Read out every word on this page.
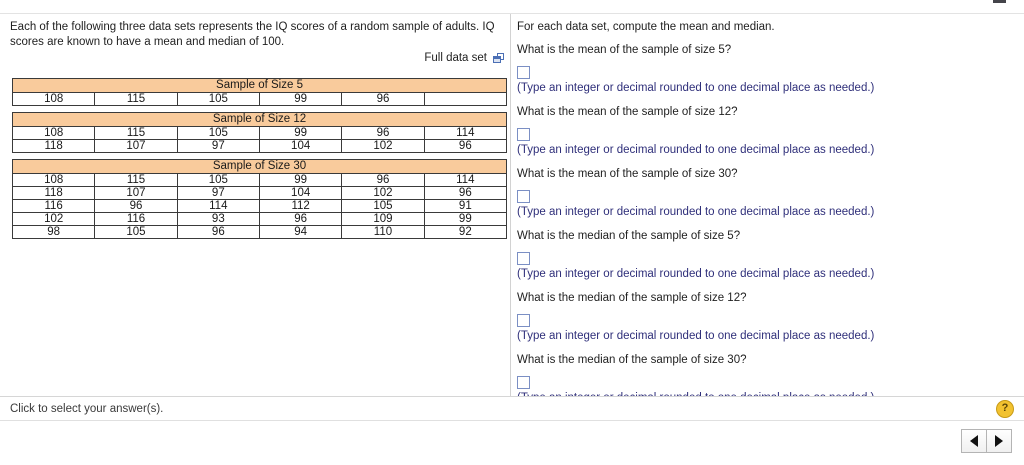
Each of the following three data sets represents the IQ scores of a random sample of adults. IQ scores are known to have a mean and median of 100.
Full data set
Sample of Size 5
108	115	105	99	96	
Sample of Size 12					
108	115	105	99	96	114
118	107	97	104	102	96
Sample of Size 30					
108	115	105	99	96	114
118	107	97	104	102	96
116	96	114	112	105	91
102	116	93	96	109	99
98	105	96	94	110	92

For each data set, compute the mean and median.

What is the mean of the sample of size 5?

(Type an integer or decimal rounded to one decimal place as needed.)

What is the mean of the sample of size 12?

(Type an integer or decimal rounded to one decimal place as needed.)

What is the mean of the sample of size 30?

(Type an integer or decimal rounded to one decimal place as needed.)

What is the median of the sample of size 5?

(Type an integer or decimal rounded to one decimal place as needed.)

What is the median of the sample of size 12?

(Type an integer or decimal rounded to one decimal place as needed.)

What is the median of the sample of size 30?

Click to select your answer(s).	?
